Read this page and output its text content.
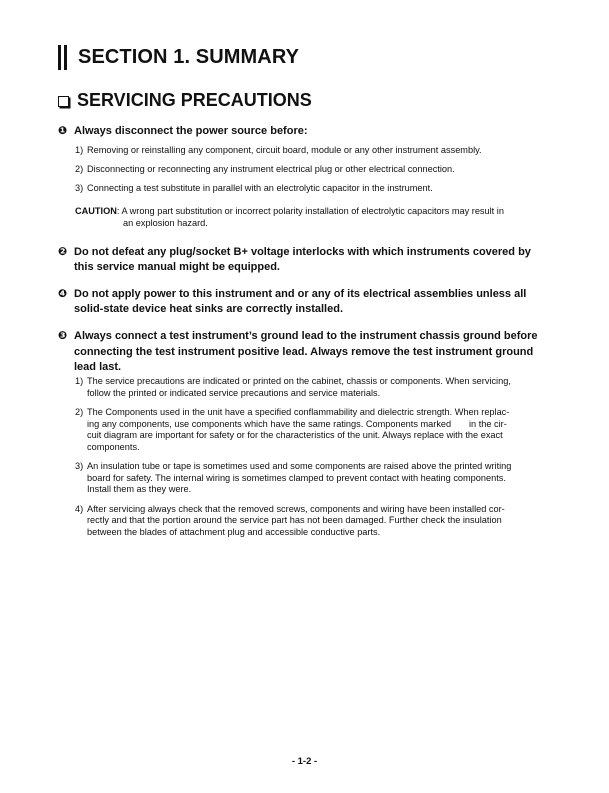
SECTION 1. SUMMARY
SERVICING PRECAUTIONS
❶ Always disconnect the power source before:
1) Removing or reinstalling any component, circuit board, module or any other instrument assembly.
2) Disconnecting or reconnecting any instrument electrical plug or other electrical connection.
3) Connecting a test substitute in parallel with an electrolytic capacitor in the instrument.
CAUTION: A wrong part substitution or incorrect polarity installation of electrolytic capacitors may result in
an explosion hazard.
❷ Do not defeat any plug/socket B+ voltage interlocks with which instruments covered by
this service manual might be equipped.
❹ Do not apply power to this instrument and or any of its electrical assemblies unless all
solid-state device heat sinks are correctly installed.
❸ Always connect a test instrument’s ground lead to the instrument chassis ground before
connecting the test instrument positive lead. Always remove the test instrument ground
lead last.
1) The service precautions are indicated or printed on the cabinet, chassis or components. When servicing,
follow the printed or indicated service precautions and service materials.
2) The Components used in the unit have a specified conflammability and dielectric strength. When replac-
ing any components, use components which have the same ratings. Components marked       in the cir-
cuit diagram are important for safety or for the characteristics of the unit. Always replace with the exact
components.
3) An insulation tube or tape is sometimes used and some components are raised above the printed writing
board for safety. The internal wiring is sometimes clamped to prevent contact with heating components.
Install them as they were.
4) After servicing always check that the removed screws, components and wiring have been installed cor-
rectly and that the portion around the service part has not been damaged. Further check the insulation
between the blades of attachment plug and accessible conductive parts.
- 1-2 -
